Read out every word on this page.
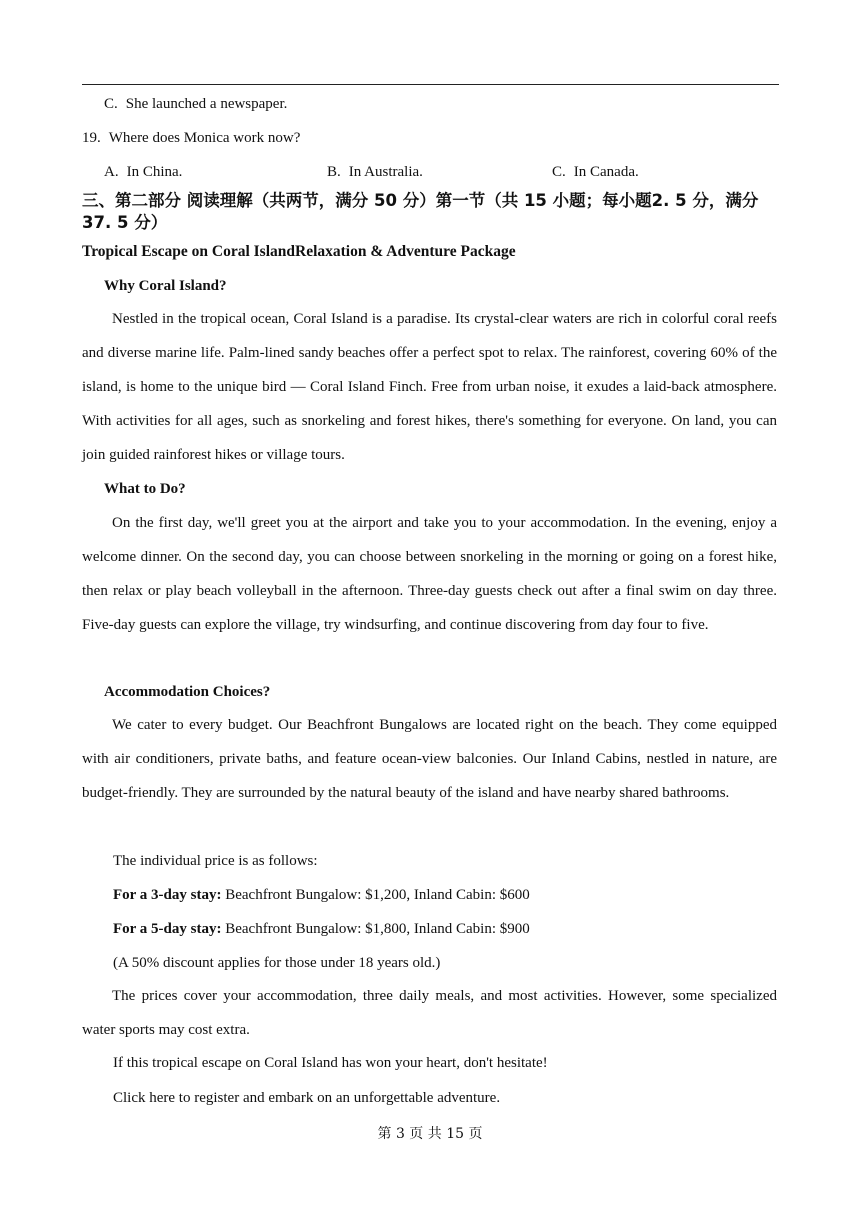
C. She launched a newspaper.
19. Where does Monica work now?
A. In China.	B. In Australia.	C. In Canada.
三、第二部分 阅读理解（共两节，满分 50 分）第一节（共 15 小题；每小题2. 5 分，满分
37. 5 分）
Tropical Escape on Coral IslandRelaxation & Adventure Package
Why Coral Island?
Nestled in the tropical ocean, Coral Island is a paradise. Its crystal-clear waters are rich in colorful coral reefs and diverse marine life. Palm-lined sandy beaches offer a perfect spot to relax. The rainforest, covering 60% of the island, is home to the unique bird — Coral Island Finch. Free from urban noise, it exudes a laid-back atmosphere. With activities for all ages, such as snorkeling and forest hikes, there's something for everyone. On land, you can join guided rainforest hikes or village tours.
What to Do?
On the first day, we'll greet you at the airport and take you to your accommodation. In the evening, enjoy a welcome dinner. On the second day, you can choose between snorkeling in the morning or going on a forest hike, then relax or play beach volleyball in the afternoon. Three-day guests check out after a final swim on day three. Five-day guests can explore the village, try windsurfing, and continue discovering from day four to five.
Accommodation Choices?
We cater to every budget. Our Beachfront Bungalows are located right on the beach. They come equipped with air conditioners, private baths, and feature ocean-view balconies. Our Inland Cabins, nestled in nature, are budget-friendly. They are surrounded by the natural beauty of the island and have nearby shared bathrooms.
The individual price is as follows:
For a 3-day stay: Beachfront Bungalow: $1,200, Inland Cabin: $600
For a 5-day stay: Beachfront Bungalow: $1,800, Inland Cabin: $900
(A 50% discount applies for those under 18 years old.)
The prices cover your accommodation, three daily meals, and most activities. However, some specialized water sports may cost extra.
If this tropical escape on Coral Island has won your heart, don't hesitate!
Click here to register and embark on an unforgettable adventure.
第 3 页 共 15 页
